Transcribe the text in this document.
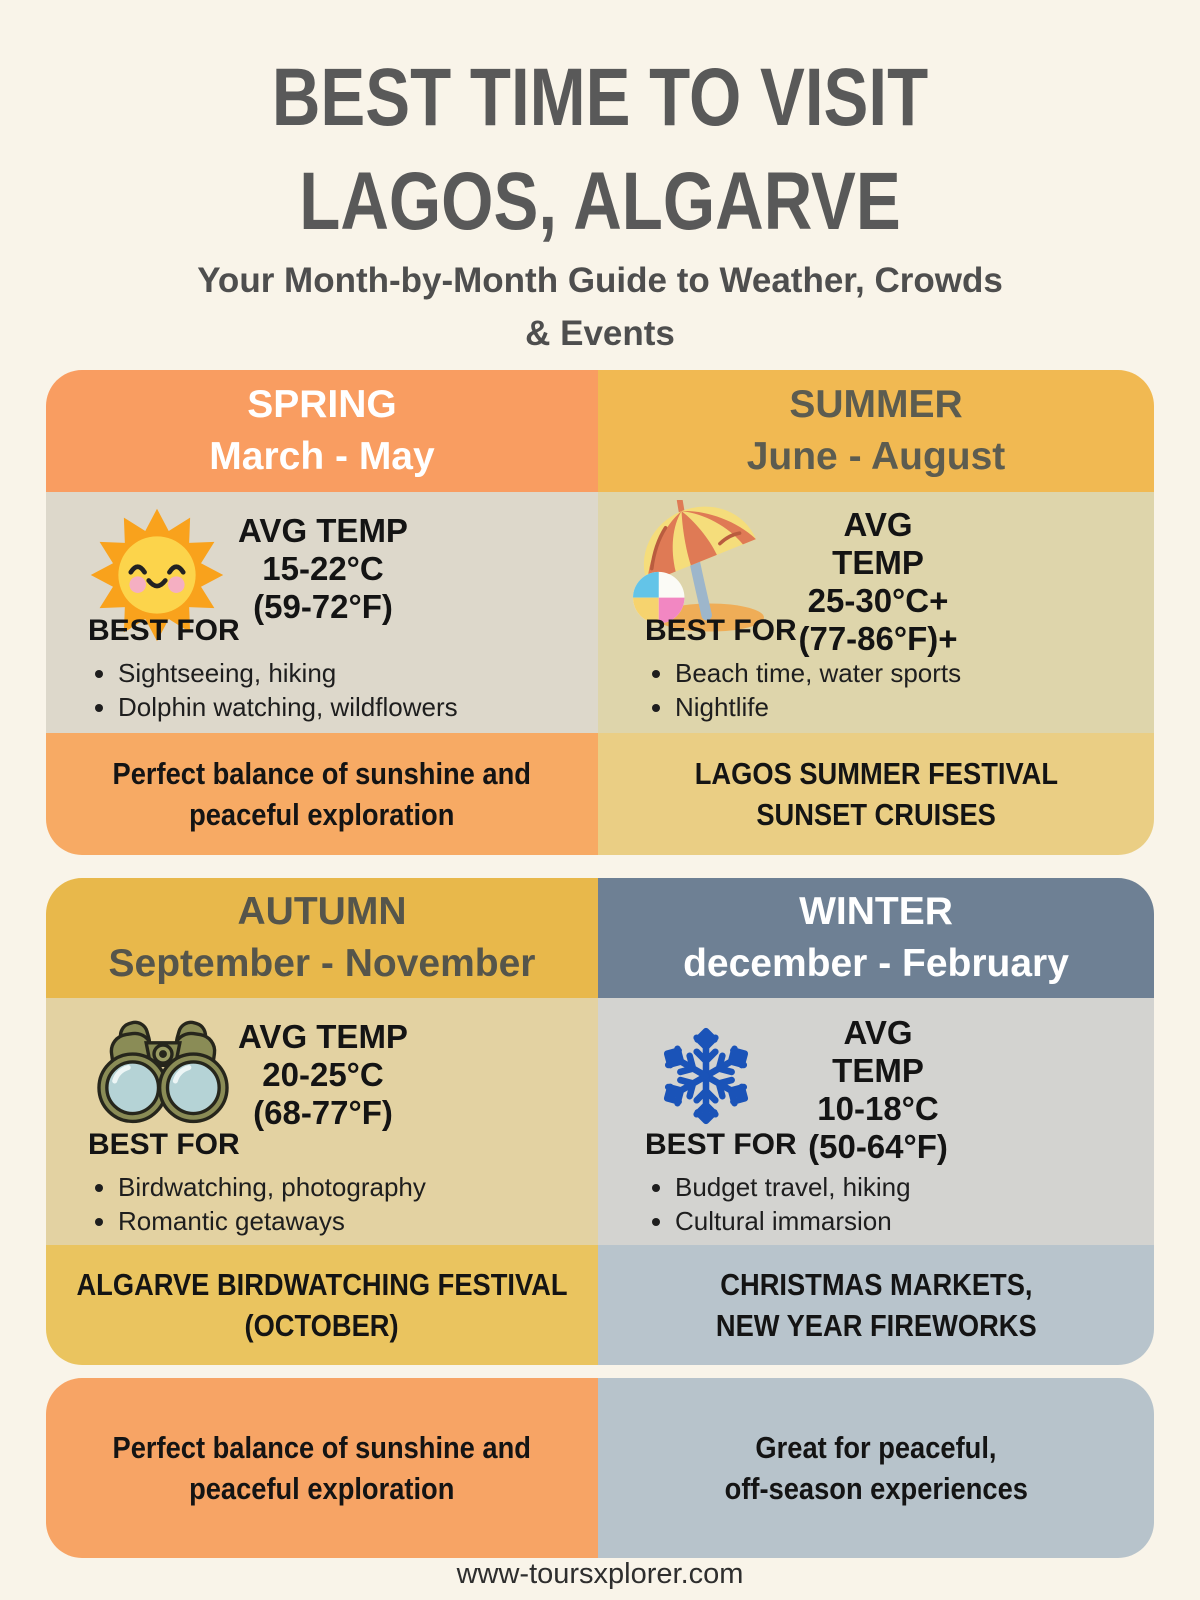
BEST TIME TO VISIT
LAGOS, ALGARVE
Your Month-by-Month Guide to Weather, Crowds
& Events
SPRING
March - May
SUMMER
June - August
AVG TEMP
15-22°C
(59-72°F)
BEST FOR
• Sightseeing, hiking
• Dolphin watching, wildflowers
AVG
TEMP
25-30°C+
(77-86°F)+
BEST FOR
• Beach time, water sports
• Nightlife
Perfect balance of sunshine and
peaceful exploration
LAGOS SUMMER FESTIVAL
SUNSET CRUISES
AUTUMN
September - November
WINTER
december - February
AVG TEMP
20-25°C
(68-77°F)
BEST FOR
• Birdwatching, photography
• Romantic getaways
AVG
TEMP
10-18°C
(50-64°F)
BEST FOR
• Budget travel, hiking
• Cultural immarsion
ALGARVE BIRDWATCHING FESTIVAL
(OCTOBER)
CHRISTMAS MARKETS,
NEW YEAR FIREWORKS
Perfect balance of sunshine and
peaceful exploration
Great for peaceful,
off-season experiences
www-toursxplorer.com
